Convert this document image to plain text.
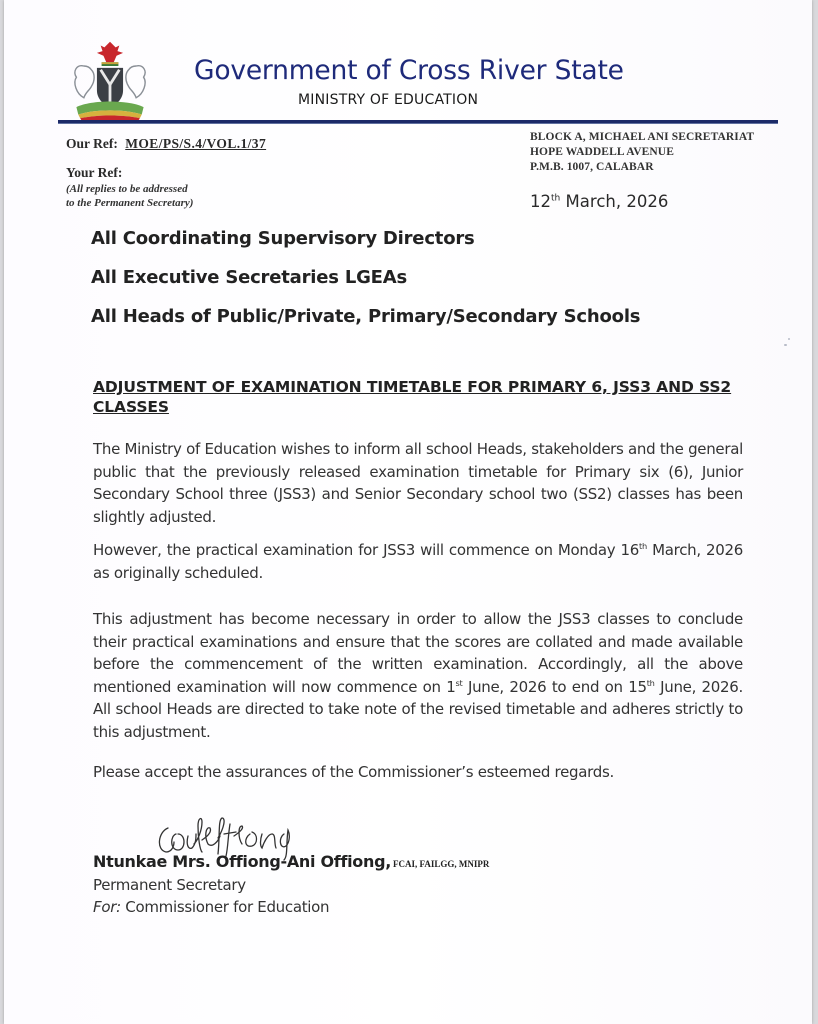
Government of Cross River State
MINISTRY OF EDUCATION
Our Ref: MOE/PS/S.4/VOL.1/37
Your Ref:
(All replies to be addressed
to the Permanent Secretary)
BLOCK A, MICHAEL ANI SECRETARIAT
HOPE WADDELL AVENUE
P.M.B. 1007, CALABAR
12th March, 2026
All Coordinating Supervisory Directors
All Executive Secretaries LGEAs
All Heads of Public/Private, Primary/Secondary Schools
ADJUSTMENT OF EXAMINATION TIMETABLE FOR PRIMARY 6, JSS3 AND SS2 CLASSES
The Ministry of Education wishes to inform all school Heads, stakeholders and the general public that the previously released examination timetable for Primary six (6), Junior Secondary School three (JSS3) and Senior Secondary school two (SS2) classes has been slightly adjusted.
However, the practical examination for JSS3 will commence on Monday 16th March, 2026 as originally scheduled.
This adjustment has become necessary in order to allow the JSS3 classes to conclude their practical examinations and ensure that the scores are collated and made available before the commencement of the written examination. Accordingly, all the above mentioned examination will now commence on 1st June, 2026 to end on 15th June, 2026. All school Heads are directed to take note of the revised timetable and adheres strictly to this adjustment.
Please accept the assurances of the Commissioner’s esteemed regards.
Ntunkae Mrs. Offiong-Ani Offiong, FCAI, FAILGG, MNIPR
Permanent Secretary
For: Commissioner for Education
